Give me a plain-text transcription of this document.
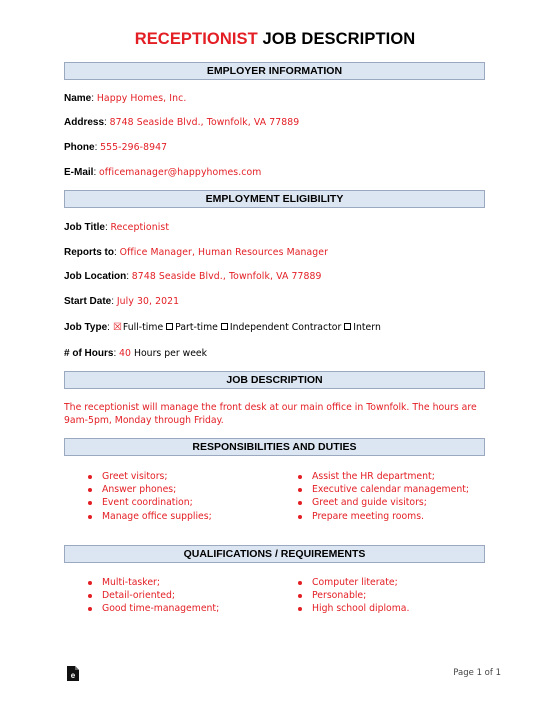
RECEPTIONIST JOB DESCRIPTION
EMPLOYER INFORMATION
Name: Happy Homes, Inc.
Address: 8748 Seaside Blvd., Townfolk, VA 77889
Phone: 555-296-8947
E-Mail: officemanager@happyhomes.com
EMPLOYMENT ELIGIBILITY
Job Title: Receptionist
Reports to: Office Manager, Human Resources Manager
Job Location: 8748 Seaside Blvd., Townfolk, VA 77889
Start Date: July 30, 2021
Job Type: ☒Full-time Part-time Independent Contractor Intern
# of Hours: 40 Hours per week
JOB DESCRIPTION
The receptionist will manage the front desk at our main office in Townfolk. The hours are 9am-5pm, Monday through Friday.
RESPONSIBILITIES AND DUTIES
Greet visitors;
Answer phones;
Event coordination;
Manage office supplies;
Assist the HR department;
Executive calendar management;
Greet and guide visitors;
Prepare meeting rooms.
QUALIFICATIONS / REQUIREMENTS
Multi-tasker;
Detail-oriented;
Good time-management;
Computer literate;
Personable;
High school diploma.
e	Page 1 of 1
